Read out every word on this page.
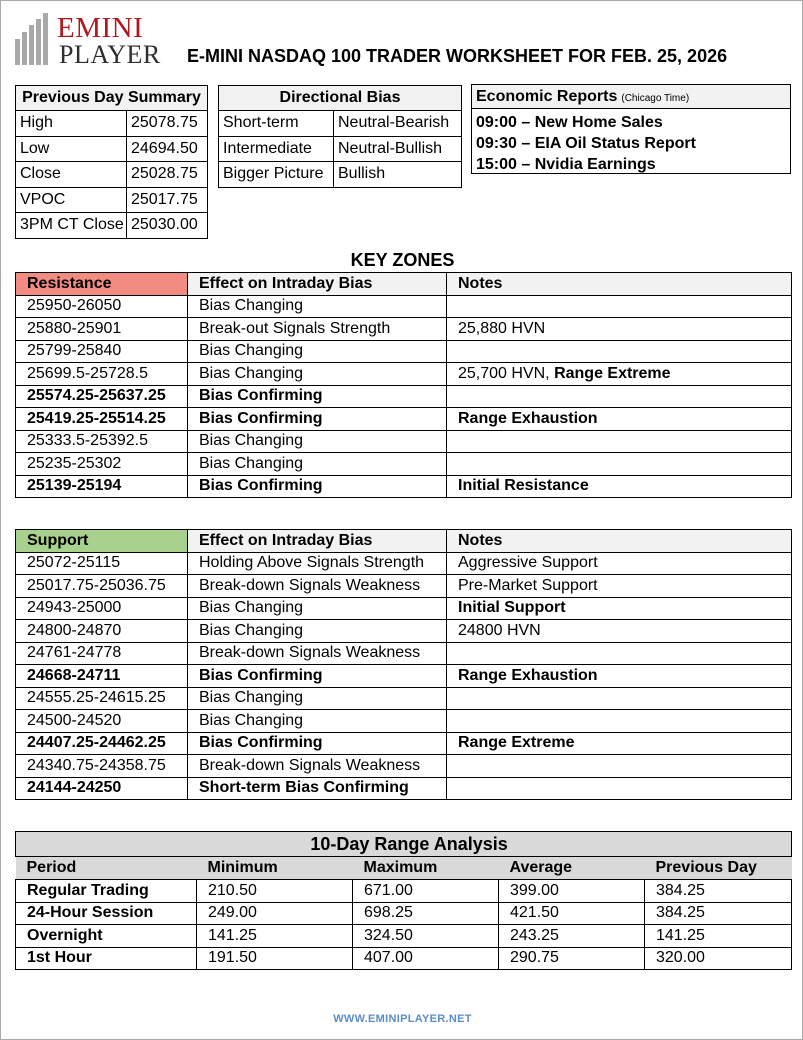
EMINI
PLAYER E-MINI NASDAQ 100 TRADER WORKSHEET FOR FEB. 25, 2026
Previous Day Summary	
High	25078.75
Low	24694.50
Close	25028.75
VPOC	25017.75
3PM CT Close	25030.00
Directional Bias	
Short-term	Neutral-Bearish
Intermediate	Neutral-Bullish
Bigger Picture	Bullish
Economic Reports (Chicago Time)
09:00 – New Home Sales
09:30 – EIA Oil Status Report
15:00 – Nvidia Earnings
KEY ZONES
Resistance	Effect on Intraday Bias	Notes
25950-26050	Bias Changing	
25880-25901	Break-out Signals Strength	25,880 HVN
25799-25840	Bias Changing	
25699.5-25728.5	Bias Changing	25,700 HVN, Range Extreme
25574.25-25637.25	Bias Confirming	
25419.25-25514.25	Bias Confirming	Range Exhaustion
25333.5-25392.5	Bias Changing	
25235-25302	Bias Changing	
25139-25194	Bias Confirming	Initial Resistance
Support	Effect on Intraday Bias	Notes
25072-25115	Holding Above Signals Strength	Aggressive Support
25017.75-25036.75	Break-down Signals Weakness	Pre-Market Support
24943-25000	Bias Changing	Initial Support
24800-24870	Bias Changing	24800 HVN
24761-24778	Break-down Signals Weakness	
24668-24711	Bias Confirming	Range Exhaustion
24555.25-24615.25	Bias Changing	
24500-24520	Bias Changing	
24407.25-24462.25	Bias Confirming	Range Extreme
24340.75-24358.75	Break-down Signals Weakness	
24144-24250	Short-term Bias Confirming	
10-Day Range Analysis				
Period	Minimum	Maximum	Average	Previous Day
Regular Trading	210.50	671.00	399.00	384.25
24-Hour Session	249.00	698.25	421.50	384.25
Overnight	141.25	324.50	243.25	141.25
1st Hour	191.50	407.00	290.75	320.00
WWW.EMINIPLAYER.NET
